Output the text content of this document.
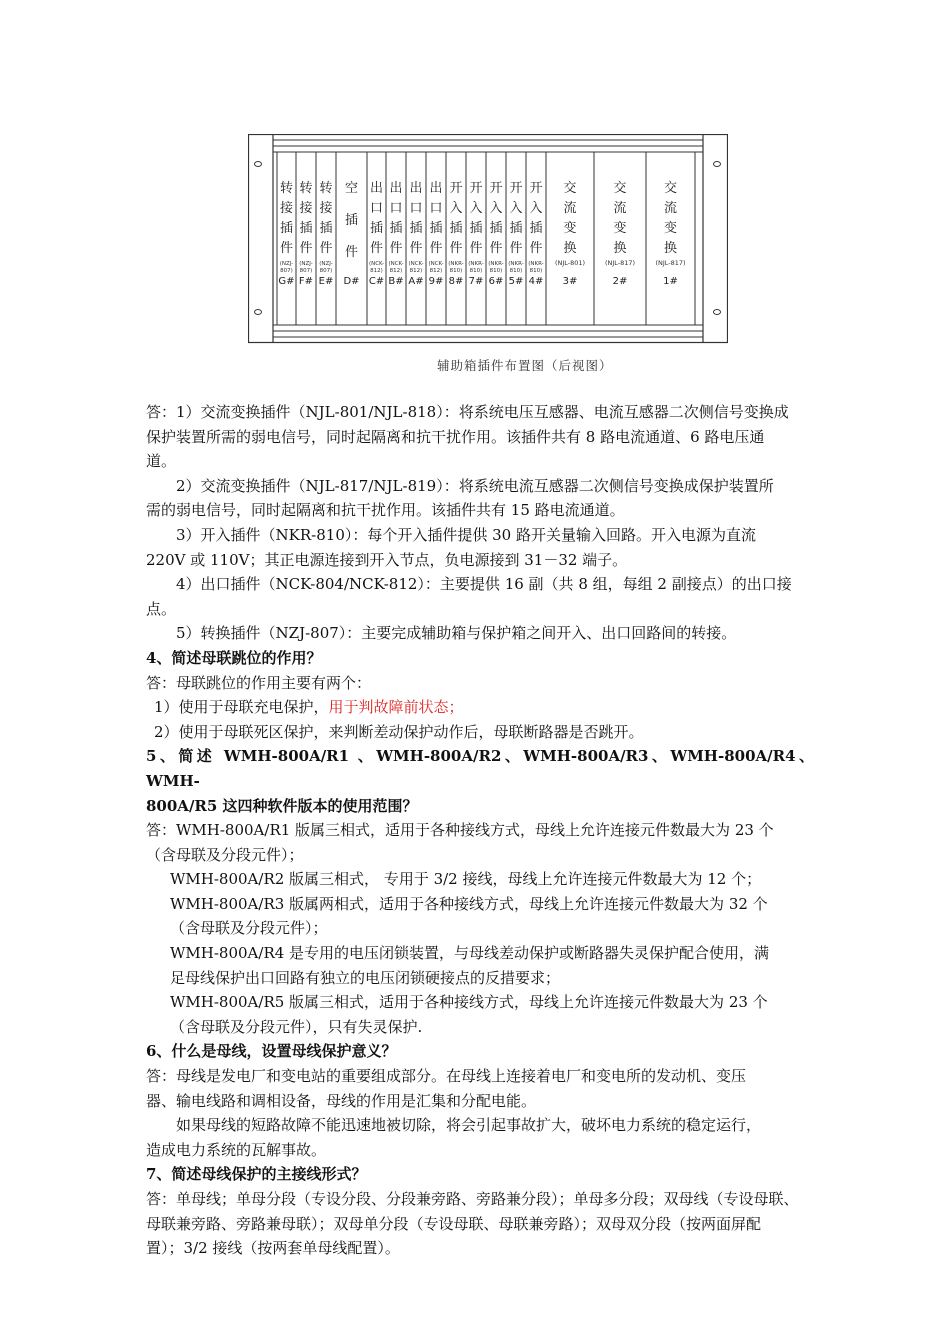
转
接
插
件
(NZJ-
807)
G#
转
接
插
件
(NZJ-
807)
F#
转
接
插
件
(NZJ-
807)
E#
空
插
件
D#
出
口
插
件
(NCK-
812)
C#
出
口
插
件
(NCK-
812)
B#
出
口
插
件
(NCK-
812)
A#
出
口
插
件
(NCK-
812)
9#
开
入
插
件
(NKR-
810)
8#
开
入
插
件
(NKR-
810)
7#
开
入
插
件
(NKR-
810)
6#
开
入
插
件
(NKR-
810)
5#
开
入
插
件
(NKR-
810)
4#
交
流
变
换
(NJL-801)
3#
交
流
变
换
(NJL-817)
2#
交
流
变
换
(NJL-817)
1#
辅助箱插件布置图（后视图）

答：1）交流变换插件（NJL-801/NJL-818）：将系统电压互感器、电流互感器二次侧信号变换成

保护装置所需的弱电信号，同时起隔离和抗干扰作用。该插件共有 8 路电流通道、6 路电压通

道。

2）交流变换插件（NJL-817/NJL-819）：将系统电流互感器二次侧信号变换成保护装置所

需的弱电信号，同时起隔离和抗干扰作用。该插件共有 15 路电流通道。

3）开入插件（NKR-810）：每个开入插件提供 30 路开关量输入回路。开入电源为直流

220V 或 110V；其正电源连接到开入节点，负电源接到 31－32 端子。

4）出口插件（NCK-804/NCK-812）：主要提供 16 副（共 8 组，每组 2 副接点）的出口接点。

5）转换插件（NZJ-807）：主要完成辅助箱与保护箱之间开入、出口回路间的转接。

4、简述母联跳位的作用？

答：母联跳位的作用主要有两个：

1）使用于母联充电保护，用于判故障前状态；

2）使用于母联死区保护，来判断差动保护动作后，母联断路器是否跳开。

5、简述 WMH-800A/R1 、WMH-800A/R2、WMH-800A/R3、WMH-800A/R4、WMH-

800A/R5 这四种软件版本的使用范围？

答：WMH-800A/R1 版属三相式，适用于各种接线方式，母线上允许连接元件数最大为 23 个

（含母联及分段元件）；

WMH-800A/R2 版属三相式， 专用于 3/2 接线，母线上允许连接元件数最大为 12 个；

WMH-800A/R3 版属两相式，适用于各种接线方式，母线上允许连接元件数最大为 32 个

（含母联及分段元件）；

WMH-800A/R4 是专用的电压闭锁装置，与母线差动保护或断路器失灵保护配合使用，满

足母线保护出口回路有独立的电压闭锁硬接点的反措要求；

WMH-800A/R5 版属三相式，适用于各种接线方式，母线上允许连接元件数最大为 23 个

（含母联及分段元件），只有失灵保护.

6、什么是母线，设置母线保护意义？

答：母线是发电厂和变电站的重要组成部分。在母线上连接着电厂和变电所的发动机、变压

器、输电线路和调相设备，母线的作用是汇集和分配电能。

如果母线的短路故障不能迅速地被切除，将会引起事故扩大，破坏电力系统的稳定运行，

造成电力系统的瓦解事故。

7、简述母线保护的主接线形式？

答：单母线；单母分段（专设分段、分段兼旁路、旁路兼分段）；单母多分段；双母线（专设母联、

母联兼旁路、旁路兼母联）；双母单分段（专设母联、母联兼旁路）；双母双分段（按两面屏配

置）；3/2 接线（按两套单母线配置）。
